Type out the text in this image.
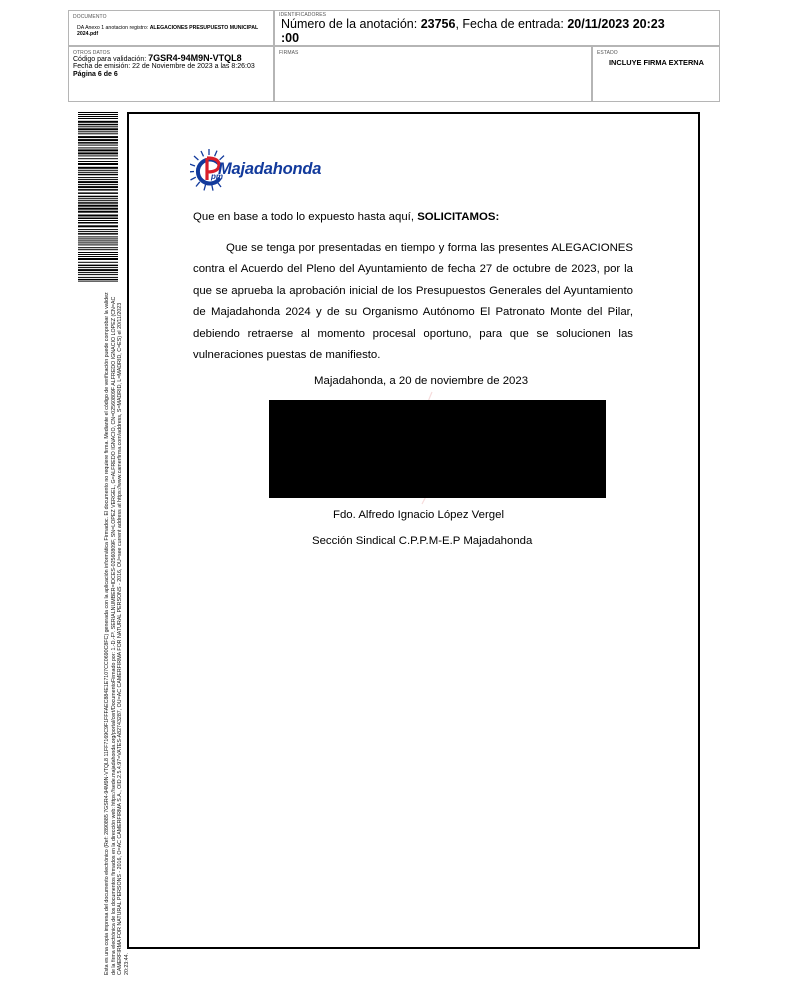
DOCUMENTO
DA Anexo 1 anotacion registro: ALEGACIONES PRESUPUESTO MUNICIPAL 2024.pdf
IDENTIFICADORES
Número de la anotación: 23756, Fecha de entrada: 20/11/2023 20:23
:00
OTROS DATOS
Código para validación: 7GSR4-94M9N-VTQL8
Fecha de emisión: 22 de Noviembre de 2023 a las 8:26:03
Página 6 de 6
FIRMAS	ESTADO
INCLUYE FIRMA EXTERNA
Esta es una copia impresa del documento electrónico (Ref: 2890885 7GSR4-94M9N-VTQL8 11FF7169C9F1FFFAEC884E1E7107CC0690C8FC) generada con la aplicación informática Firmadoc. El documento no requiere firma. Mediante el código de verificación puede comprobar la validez de la firma electrónica de los documentos firmados en la dirección web: https://sede.majadahonda.org/portal/cert/DocumentoFirmado por: 1.-D.-Fº. SERIALNUMBER=IDCES-02560809F, SN=LOPEZ VERGEL, G=ALFREDO IGNACIO, CN=02560809F ALFREDO IGNACIO LOPEZ (CN=AC CAMERFIRMA FOR NATURAL PERSONS - 2016, O=AC CAMERFIRMA S.A., OID.2.5.4.97=VATES-A82743287, OU=AC CAMERFIRMA FOR NATURAL PERSONS - 2016, OU=see current address at https://www.camerfirma.com/address, S=MADRID, L=MADRID, C=ES) el 20/11/2023 20:23:44.
pm
Majadahonda
Que en base a todo lo expuesto hasta aquí, SOLICITAMOS:
Que se tenga por presentadas en tiempo y forma las presentes ALEGACIONES contra el Acuerdo del Pleno del Ayuntamiento de fecha 27 de octubre de 2023, por la que se aprueba la aprobación inicial de los Presupuestos Generales del Ayuntamiento de Majadahonda 2024 y de su Organismo Autónomo El Patronato Monte del Pilar, debiendo retraerse al momento procesal oportuno, para que se solucionen las vulneraciones puestas de manifiesto.
Majadahonda, a 20 de noviembre de 2023
Fdo. Alfredo Ignacio López Vergel
Sección Sindical C.P.P.M-E.P Majadahonda
